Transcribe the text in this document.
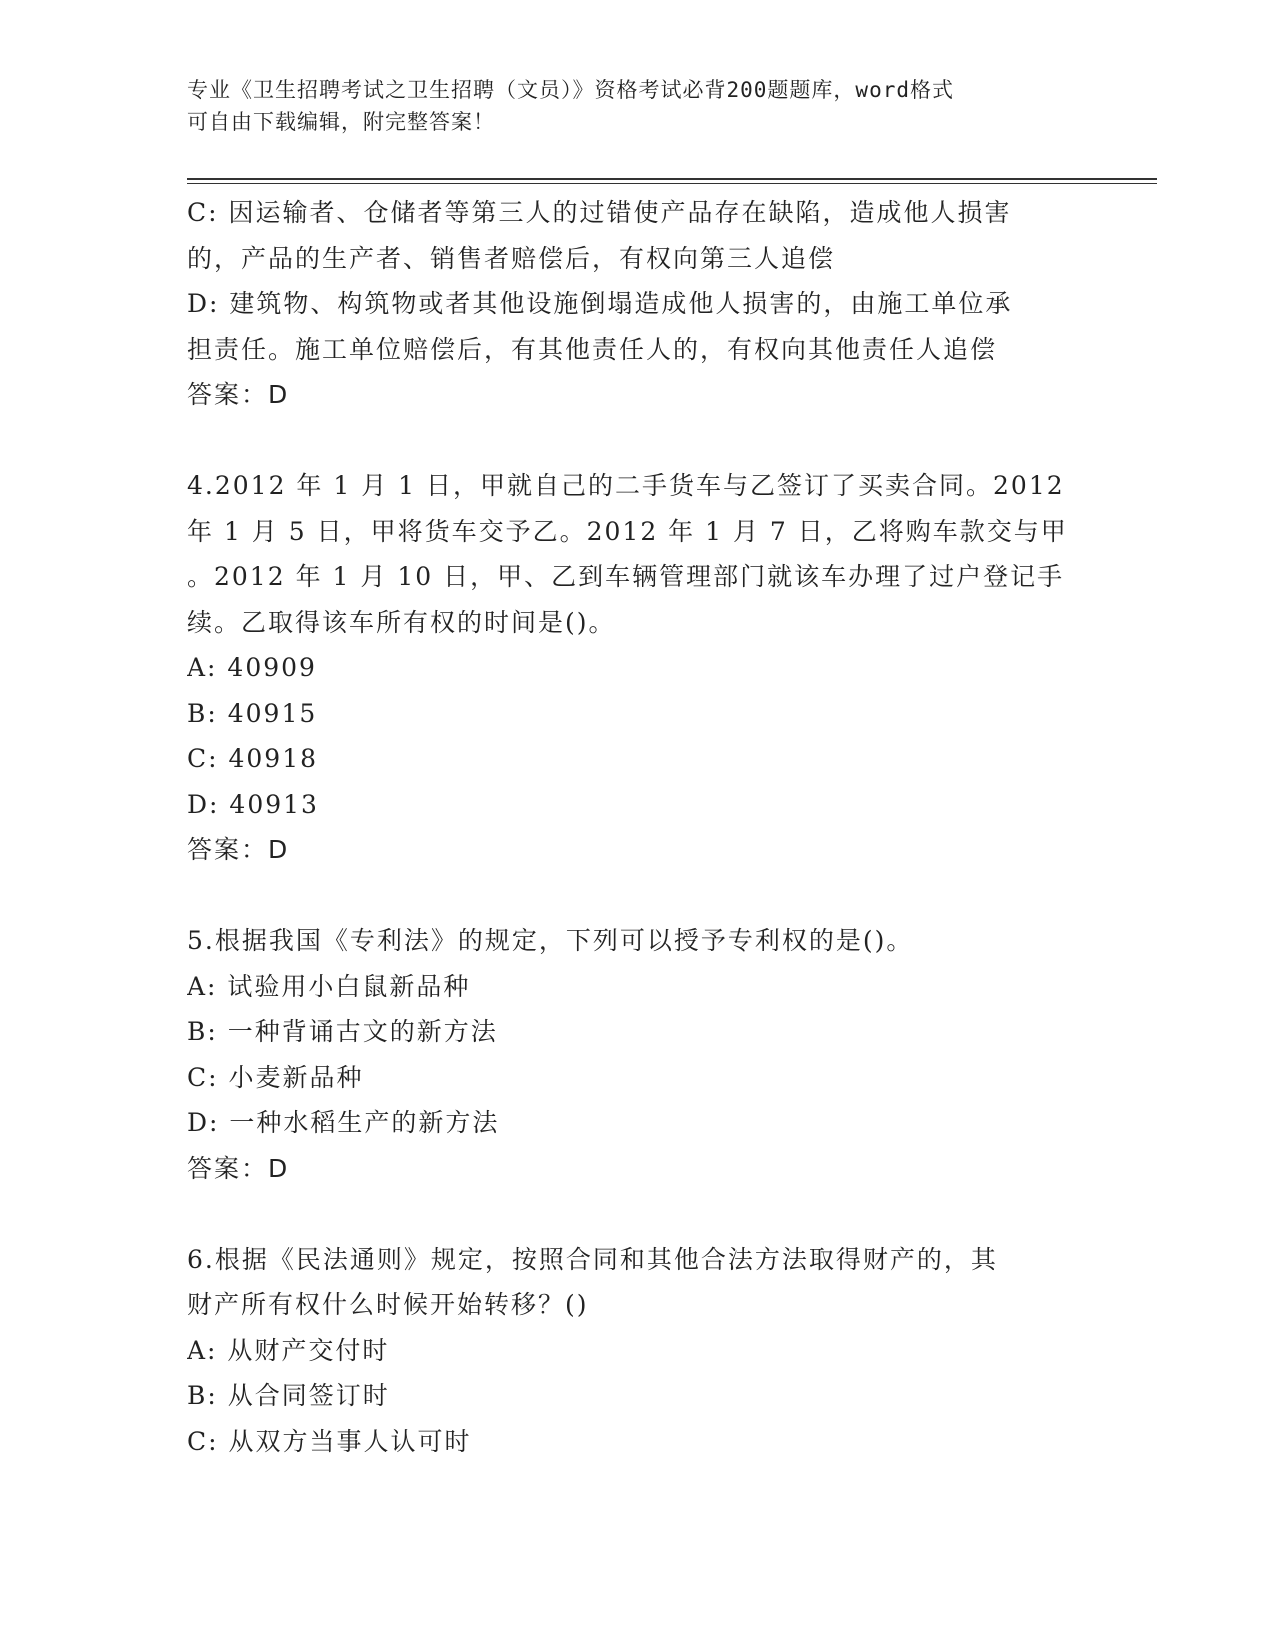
专业《卫生招聘考试之卫生招聘（文员）》资格考试必背200题题库，word格式
可自由下载编辑，附完整答案！
C: 因运输者、仓储者等第三人的过错使产品存在缺陷，造成他人损害
的，产品的生产者、销售者赔偿后，有权向第三人追偿
D: 建筑物、构筑物或者其他设施倒塌造成他人损害的，由施工单位承
担责任。施工单位赔偿后，有其他责任人的，有权向其他责任人追偿
答案：D
4.2012 年 1 月 1 日，甲就自己的二手货车与乙签订了买卖合同。2012
年 1 月 5 日，甲将货车交予乙。2012 年 1 月 7 日，乙将购车款交与甲
。2012 年 1 月 10 日，甲、乙到车辆管理部门就该车办理了过户登记手
续。乙取得该车所有权的时间是()。
A: 40909
B: 40915
C: 40918
D: 40913
答案：D
5.根据我国《专利法》的规定，下列可以授予专利权的是()。
A: 试验用小白鼠新品种
B: 一种背诵古文的新方法
C: 小麦新品种
D: 一种水稻生产的新方法
答案：D
6.根据《民法通则》规定，按照合同和其他合法方法取得财产的，其
财产所有权什么时候开始转移？()
A: 从财产交付时
B: 从合同签订时
C: 从双方当事人认可时
